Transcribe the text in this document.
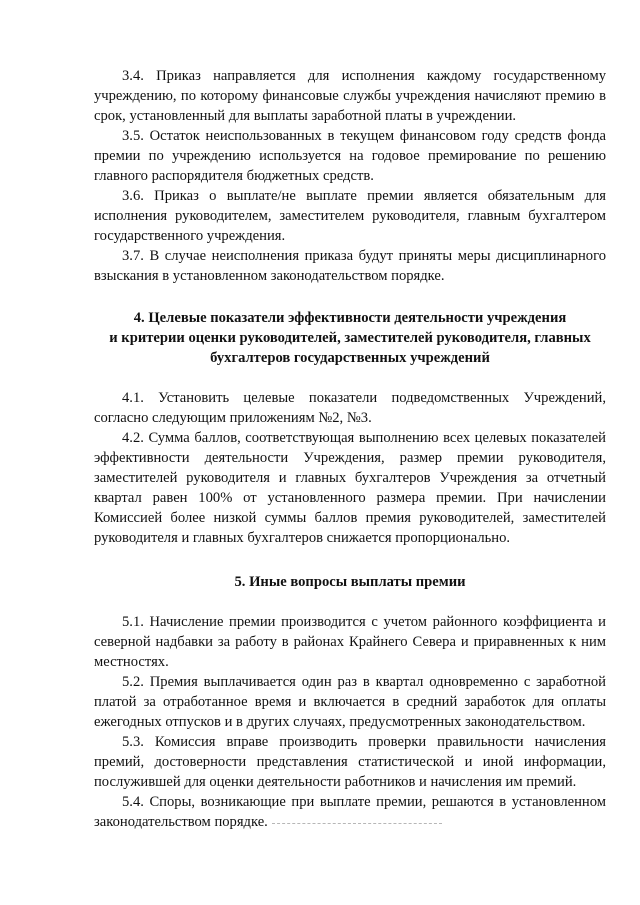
3.4. Приказ направляется для исполнения каждому государственному учреждению, по которому финансовые службы учреждения начисляют премию в срок, установленный для выплаты заработной платы в учреждении.

3.5. Остаток неиспользованных в текущем финансовом году средств фонда премии по учреждению используется на годовое премирование по решению главного распорядителя бюджетных средств.

3.6. Приказ о выплате/не выплате премии является обязательным для исполнения руководителем, заместителем руководителя, главным бухгалтером государственного учреждения.

3.7. В случае неисполнения приказа будут приняты меры дисциплинарного взыскания в установленном законодательством порядке.

4. Целевые показатели эффективности деятельности учреждения
и критерии оценки руководителей, заместителей руководителя, главных
бухгалтеров государственных учреждений

4.1. Установить целевые показатели подведомственных Учреждений, согласно следующим приложениям №2, №3.

4.2. Сумма баллов, соответствующая выполнению всех целевых показателей эффективности деятельности Учреждения, размер премии руководителя, заместителей руководителя и главных бухгалтеров Учреждения за отчетный квартал равен 100% от установленного размера премии. При начислении Комиссией более низкой суммы баллов премия руководителей, заместителей руководителя и главных бухгалтеров снижается пропорционально.

5. Иные вопросы выплаты премии

5.1. Начисление премии производится с учетом районного коэффициента и северной надбавки за работу в районах Крайнего Севера и приравненных к ним местностях.

5.2. Премия выплачивается один раз в квартал одновременно с заработной платой за отработанное время и включается в средний заработок для оплаты ежегодных отпусков и в других случаях, предусмотренных законодательством.

5.3. Комиссия вправе производить проверки правильности начисления премий, достоверности представления статистической и иной информации, послужившей для оценки деятельности работников и начисления им премий.

5.4. Споры, возникающие при выплате премии, решаются в установленном законодательством порядке.
